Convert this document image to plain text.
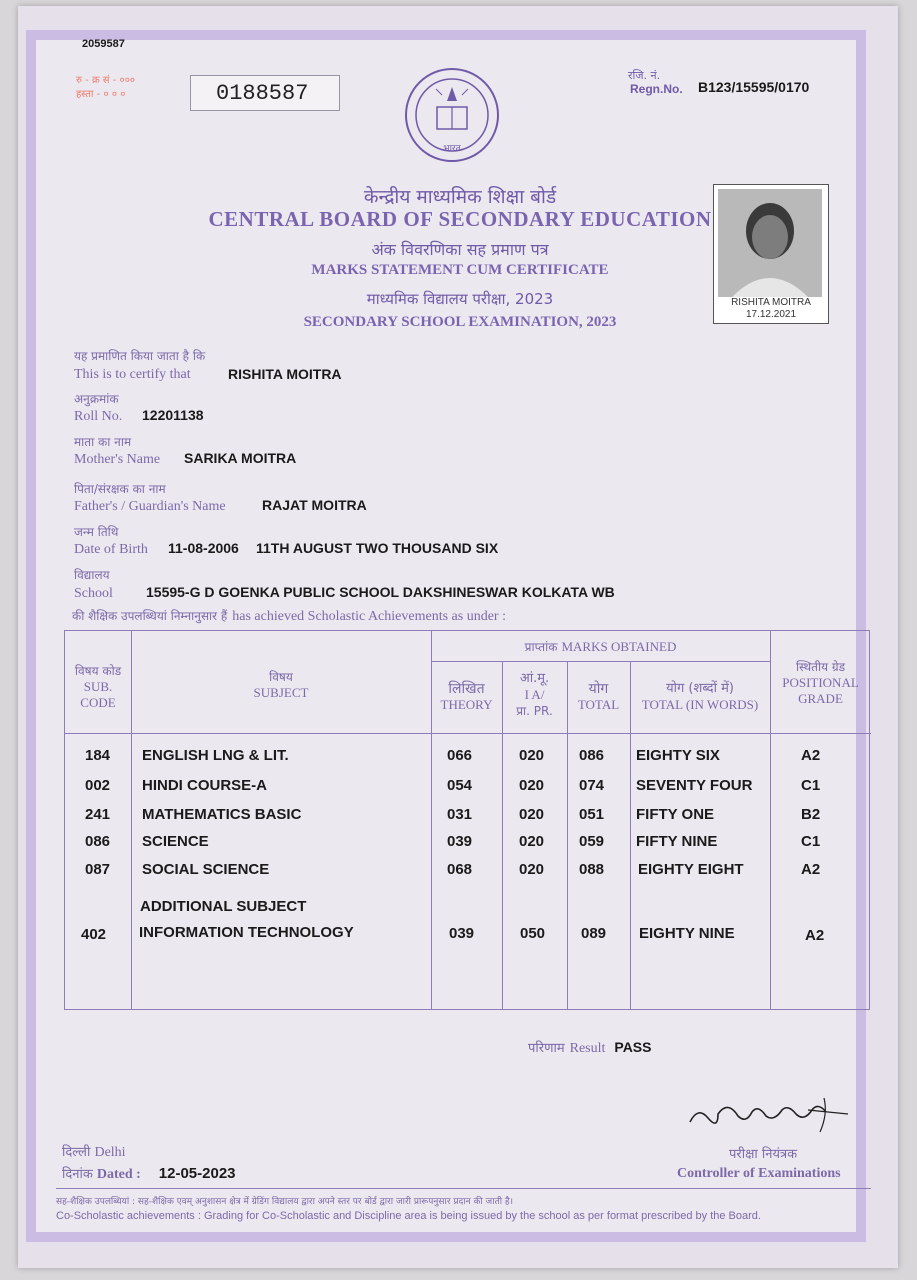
2059587
रु - क्र सं - ०००
हस्ता - ० ० ०	0188587
भारत
रजि. नं.
Regn.No. B123/15595/0170
केन्द्रीय माध्यमिक शिक्षा बोर्ड
CENTRAL BOARD OF SECONDARY EDUCATION
अंक विवरणिका सह प्रमाण पत्र
MARKS STATEMENT CUM CERTIFICATE
माध्यमिक विद्यालय परीक्षा, 2023
SECONDARY SCHOOL EXAMINATION, 2023
RISHITA MOITRA
17.12.2021
यह प्रमाणित किया जाता है कि
This is to certify that	RISHITA MOITRA
अनुक्रमांक
Roll No. 12201138
माता का नाम
Mother's Name SARIKA MOITRA
पिता/संरक्षक का नाम
Father's / Guardian's Name	RAJAT MOITRA
जन्म तिथि
Date of Birth 11-08-2006 11TH AUGUST TWO THOUSAND SIX
विद्यालय
School 15595-G D GOENKA PUBLIC SCHOOL DAKSHINESWAR KOLKATA WB
की शैक्षिक उपलब्धियां निम्नानुसार हैं has achieved Scholastic Achievements as under :
विषय कोड
SUB.
CODE
विषय
SUBJECT
प्राप्तांक MARKS OBTAINED
लिखित
THEORY
आं.मू.
I A/
प्रा. PR.
योग
TOTAL
योग (शब्दों में)
TOTAL (IN WORDS)
स्थितीय ग्रेड
POSITIONAL
GRADE
184 ENGLISH LNG & LIT.	066	020 086 EIGHTY SIX	A2
002 HINDI COURSE-A	054	020 074 SEVENTY FOUR	C1
241 MATHEMATICS BASIC	031	020 051 FIFTY ONE	B2
086 SCIENCE	039	020 059 FIFTY NINE	C1
087 SOCIAL SCIENCE	068	020 088 EIGHTY EIGHT	A2
ADDITIONAL SUBJECT
402 INFORMATION TECHNOLOGY	039	050 089 EIGHTY NINE	A2
परिणाम Result PASS
दिल्ली Delhi
दिनांक Dated : 12-05-2023
परीक्षा नियंत्रक
Controller of Examinations
सह-शैक्षिक उपलब्धियां : सह-शैक्षिक एवम् अनुशासन क्षेत्र में ग्रेडिंग विद्यालय द्वारा अपने स्तर पर बोर्ड द्वारा जारी प्रारूपनुसार प्रदान की जाती है।
Co-Scholastic achievements : Grading for Co-Scholastic and Discipline area is being issued by the school as per format prescribed by the Board.
